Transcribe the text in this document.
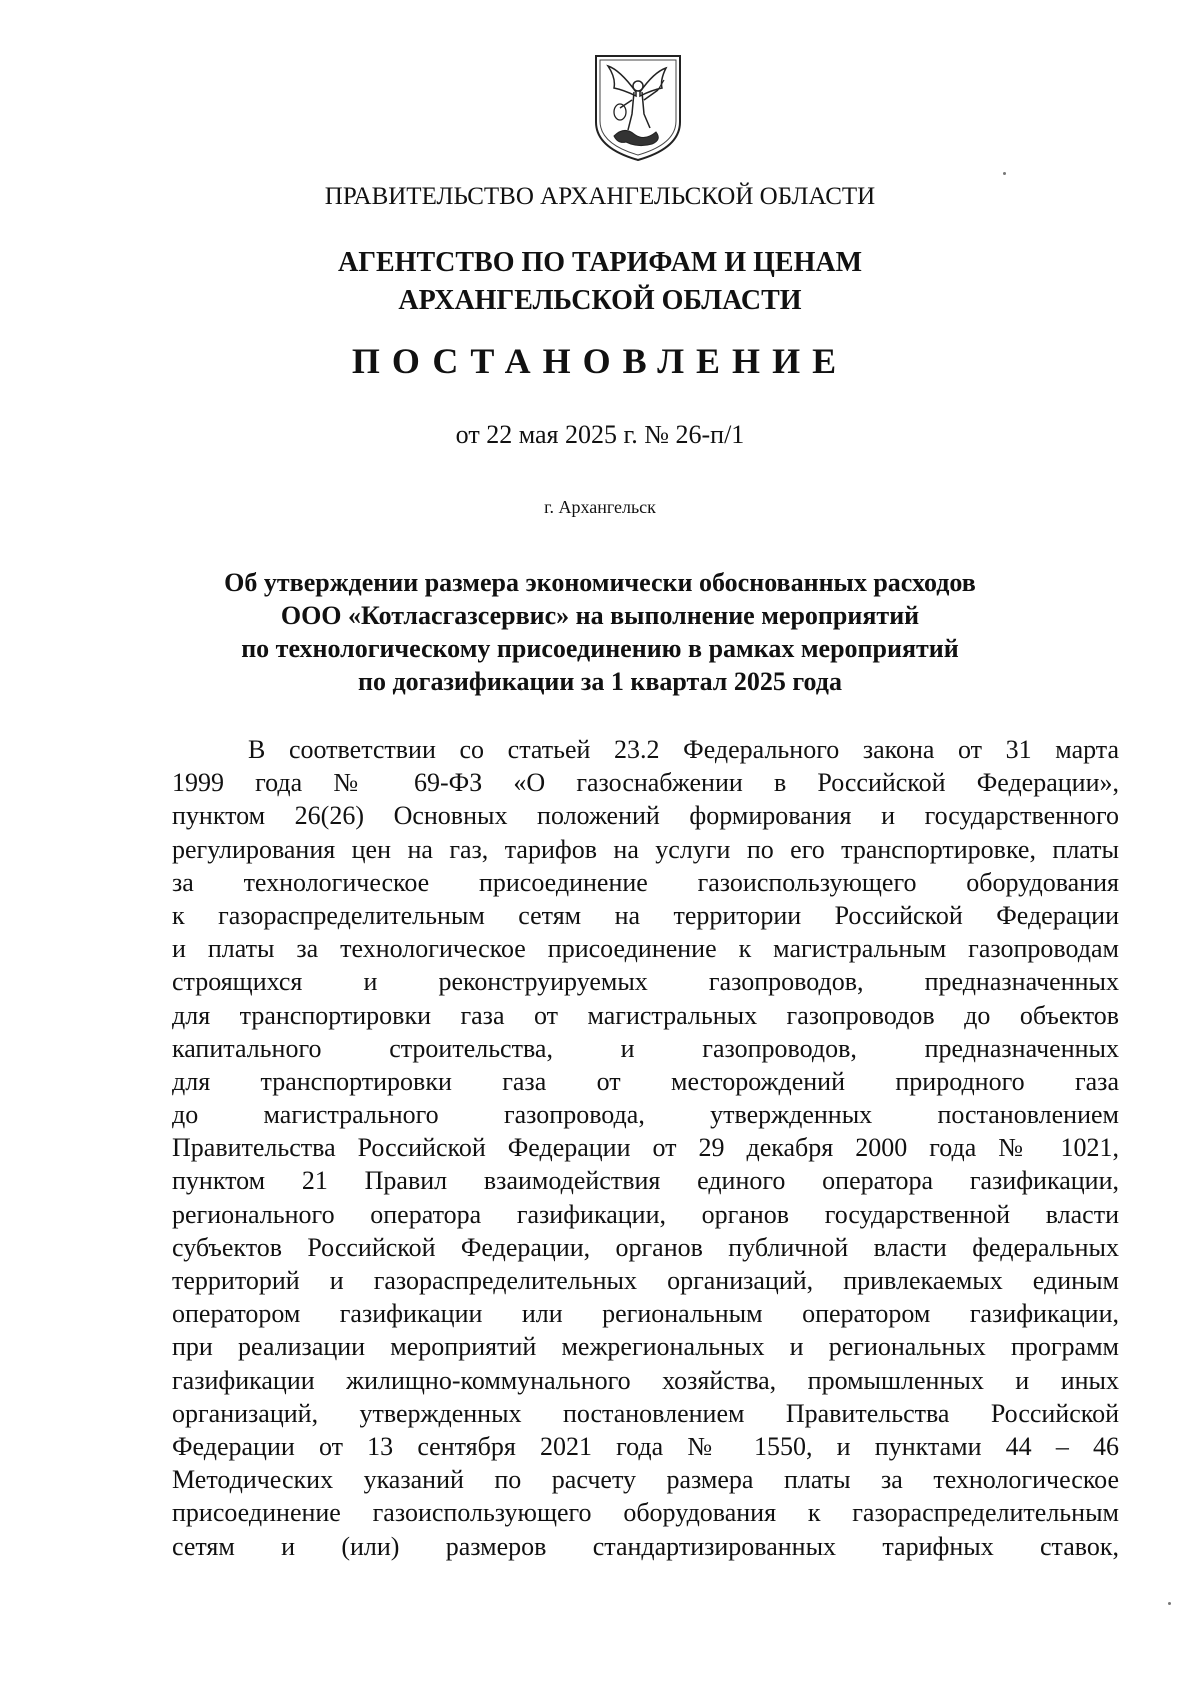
ПРАВИТЕЛЬСТВО АРХАНГЕЛЬСКОЙ ОБЛАСТИ
АГЕНТСТВО ПО ТАРИФАМ И ЦЕНАМ
АРХАНГЕЛЬСКОЙ ОБЛАСТИ
ПОСТАНОВЛЕНИЕ
от 22 мая 2025 г. № 26-п/1
г. Архангельск
Об утверждении размера экономически обоснованных расходов
ООО «Котласгазсервис» на выполнение мероприятий
по технологическому присоединению в рамках мероприятий
по догазификации за 1 квартал 2025 года
В соответствии со статьей 23.2 Федерального закона от 31 марта
1999 года № 69-ФЗ «О газоснабжении в Российской Федерации»,
пунктом 26(26) Основных положений формирования и государственного
регулирования цен на газ, тарифов на услуги по его транспортировке, платы
за технологическое присоединение газоиспользующего оборудования
к газораспределительным сетям на территории Российской Федерации
и платы за технологическое присоединение к магистральным газопроводам
строящихся и реконструируемых газопроводов, предназначенных
для транспортировки газа от магистральных газопроводов до объектов
капитального строительства, и газопроводов, предназначенных
для транспортировки газа от месторождений природного газа
до магистрального газопровода, утвержденных постановлением
Правительства Российской Федерации от 29 декабря 2000 года № 1021,
пунктом 21 Правил взаимодействия единого оператора газификации,
регионального оператора газификации, органов государственной власти
субъектов Российской Федерации, органов публичной власти федеральных
территорий и газораспределительных организаций, привлекаемых единым
оператором газификации или региональным оператором газификации,
при реализации мероприятий межрегиональных и региональных программ
газификации жилищно-коммунального хозяйства, промышленных и иных
организаций, утвержденных постановлением Правительства Российской
Федерации от 13 сентября 2021 года № 1550, и пунктами 44 – 46
Методических указаний по расчету размера платы за технологическое
присоединение газоиспользующего оборудования к газораспределительным
сетям и (или) размеров стандартизированных тарифных ставок,
